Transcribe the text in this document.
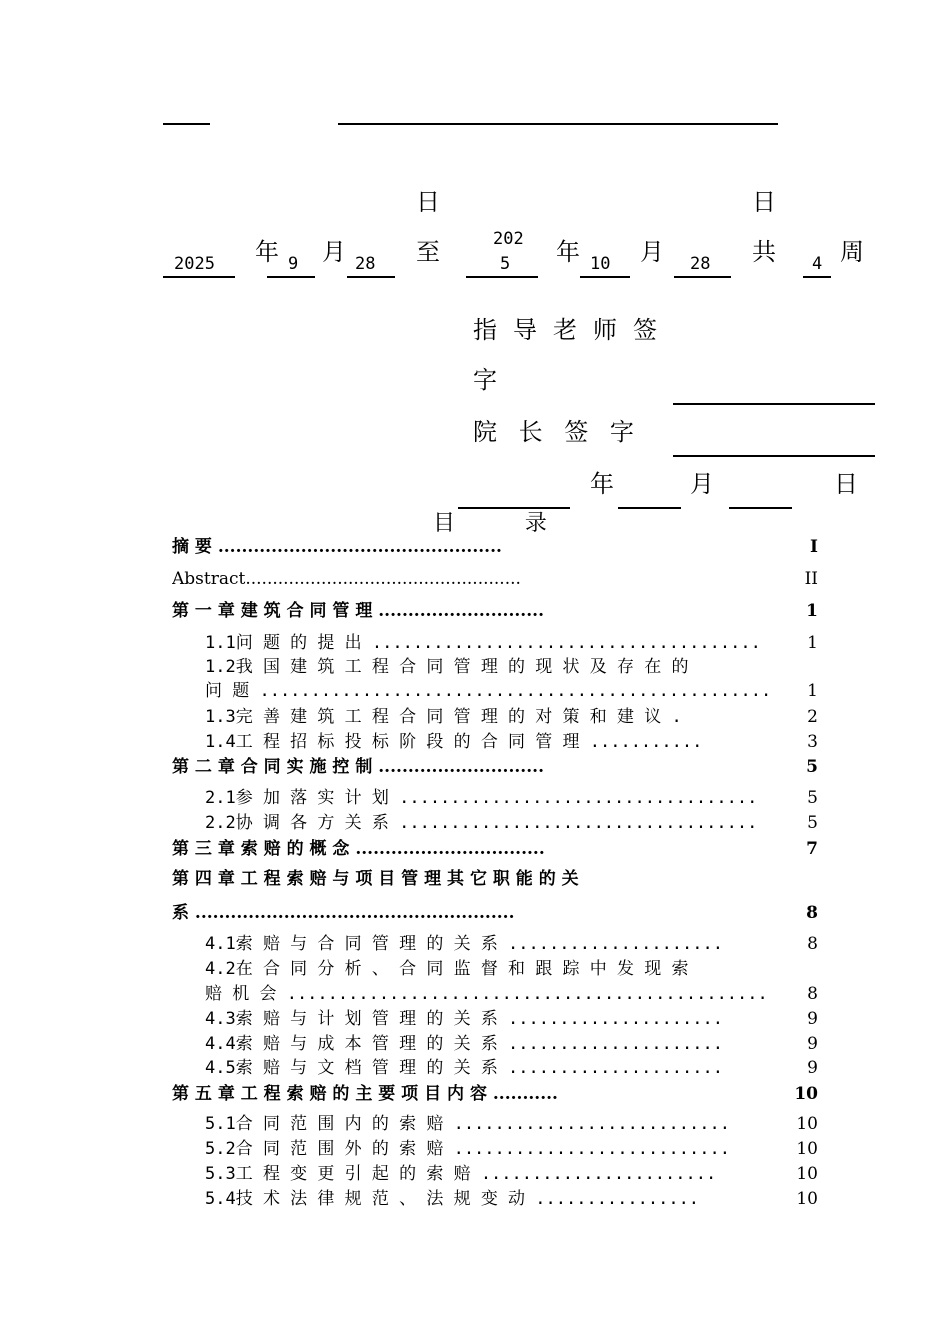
日	日
2025 年 9 月 28 至	202
5 年 10 月 28 共 4 周
指导老师签
字
院 长 签 字
年	月	日
目          录
摘 要 ................................................	I
Abstract...................................................	II
第 一 章 建 筑 合 同 管 理 ............................	1
1.1问 题 的 提 出 ......................................	1
1.2我 国 建 筑 工 程 合 同 管 理 的 现 状 及 存 在 的
问 题 ..................................................	1
1.3完 善 建 筑 工 程 合 同 管 理 的 对 策 和 建 议 .	2
1.4工 程 招 标 投 标 阶 段 的 合 同 管 理 ...........	3
第 二 章 合 同 实 施 控 制 ............................	5
2.1参 加 落 实 计 划 ...................................	5
2.2协 调 各 方 关 系 ...................................	5
第 三 章 索 赔 的 概 念 ................................	7
第 四 章 工 程 索 赔 与 项 目 管 理 其 它 职 能 的 关
系 ......................................................	8
4.1索 赔 与 合 同 管 理 的 关 系 .....................	8
4.2在 合 同 分 析 、 合 同 监 督 和 跟 踪 中 发 现 索
赔 机 会 ...............................................	8
4.3索 赔 与 计 划 管 理 的 关 系 .....................	9
4.4索 赔 与 成 本 管 理 的 关 系 .....................	9
4.5索 赔 与 文 档 管 理 的 关 系 .....................	9
第 五 章 工 程 索 赔 的 主 要 项 目 内 容 ...........	10
5.1合 同 范 围 内 的 索 赔 ...........................	10
5.2合 同 范 围 外 的 索 赔 ...........................	10
5.3工 程 变 更 引 起 的 索 赔 .......................	10
5.4技 术 法 律 规 范 、 法 规 变 动 ................	10
